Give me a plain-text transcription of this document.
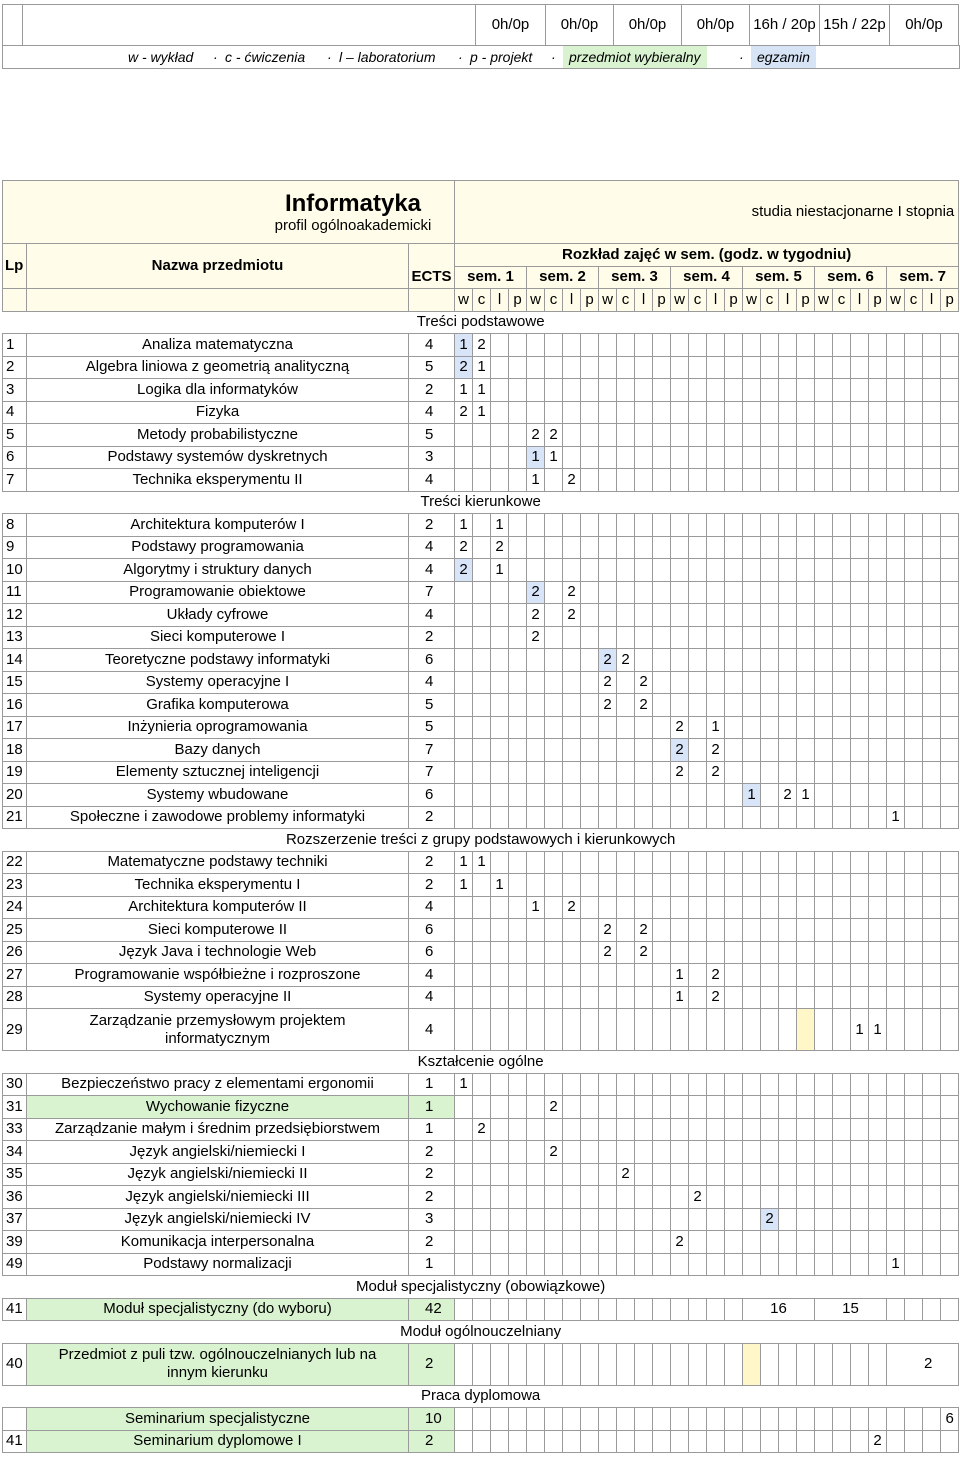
		0h/0p	0h/0p	0h/0p	0h/0p	16h / 20p	15h / 22p	0h/0p
w - wykład · c - ćwiczenia · l – laboratorium · p - projekt · przedmiot wybieralny	· egzamin
Informatyka
profil ogólnoakademicki			studia niestacjonarne I stopnia																											
Lp	Nazwa przedmiotu		Rozkład zajęć w sem. (godz. w tygodniu)																											
		ECTS	sem. 1				sem. 2				sem. 3				sem. 4				sem. 5				sem. 6				sem. 7			
			w	c	l	p	w	c	l	p	w	c	l	p	w	c	l	p	w	c	l	p	w	c	l	p	w	c	l	p
Treści podstawowe																														
1	Analiza matematyczna	4	1	2																										
2	Algebra liniowa z geometrią analityczną	5	2	1																										
3	Logika dla informatyków	2	1	1																										
4	Fizyka	4	2	1																										
5	Metody probabilistyczne	5					2	2																						
6	Podstawy systemów dyskretnych	3					1	1																						
7	Technika eksperymentu II	4					1		2																					
Treści kierunkowe																														
8	Architektura komputerów I	2	1		1																									
9	Podstawy programowania	4	2		2																									
10	Algorytmy i struktury danych	4	2		1																									
11	Programowanie obiektowe	7					2		2																					
12	Układy cyfrowe	4					2		2																					
13	Sieci komputerowe I	2					2																							
14	Teoretyczne podstawy informatyki	6									2	2																		
15	Systemy operacyjne I	4									2		2																	
16	Grafika komputerowa	5									2		2																	
17	Inżynieria oprogramowania	5													2		1													
18	Bazy danych	7													2		2													
19	Elementy sztucznej inteligencji	7													2		2													
20	Systemy wbudowane	6																	1		2	1								
21	Społeczne i zawodowe problemy informatyki	2																									1			
Rozszerzenie treści z grupy podstawowych i kierunkowych																														
22	Matematyczne podstawy techniki	2	1	1																										
23	Technika eksperymentu I	2	1		1																									
24	Architektura komputerów II	4					1		2																					
25	Sieci komputerowe II	6									2		2																	
26	Język Java i technologie Web	6									2		2																	
27	Programowanie współbieżne i rozproszone	4													1		2													
28	Systemy operacyjne II	4													1		2													
29	Zarządzanie przemysłowym projektem informatycznym	4																							1	1				
Kształcenie ogólne																														
30	Bezpieczeństwo pracy z elementami ergonomii	1	1																											
31	Wychowanie fizyczne	1						2																						
33	Zarządzanie małym i średnim przedsiębiorstwem	1		2																										
34	Język angielski/niemiecki I	2						2																						
35	Język angielski/niemiecki II	2										2																		
36	Język angielski/niemiecki III	2														2														
37	Język angielski/niemiecki IV	3																		2										
39	Komunikacja interpersonalna	2													2															
49	Podstawy normalizacji	1																									1			
Moduł specjalistyczny (obowiązkowe)																														
41	Moduł specjalistyczny (do wyboru)	42																	16				15							
Moduł ogólnouczelniany																														
40	Przedmiot z puli tzw. ogólnouczelnianych lub na innym kierunku	2																									2			
Praca dyplomowa																														
	Seminarium specjalistyczne	10																												6
41	Seminarium dyplomowe I	2																								2				
